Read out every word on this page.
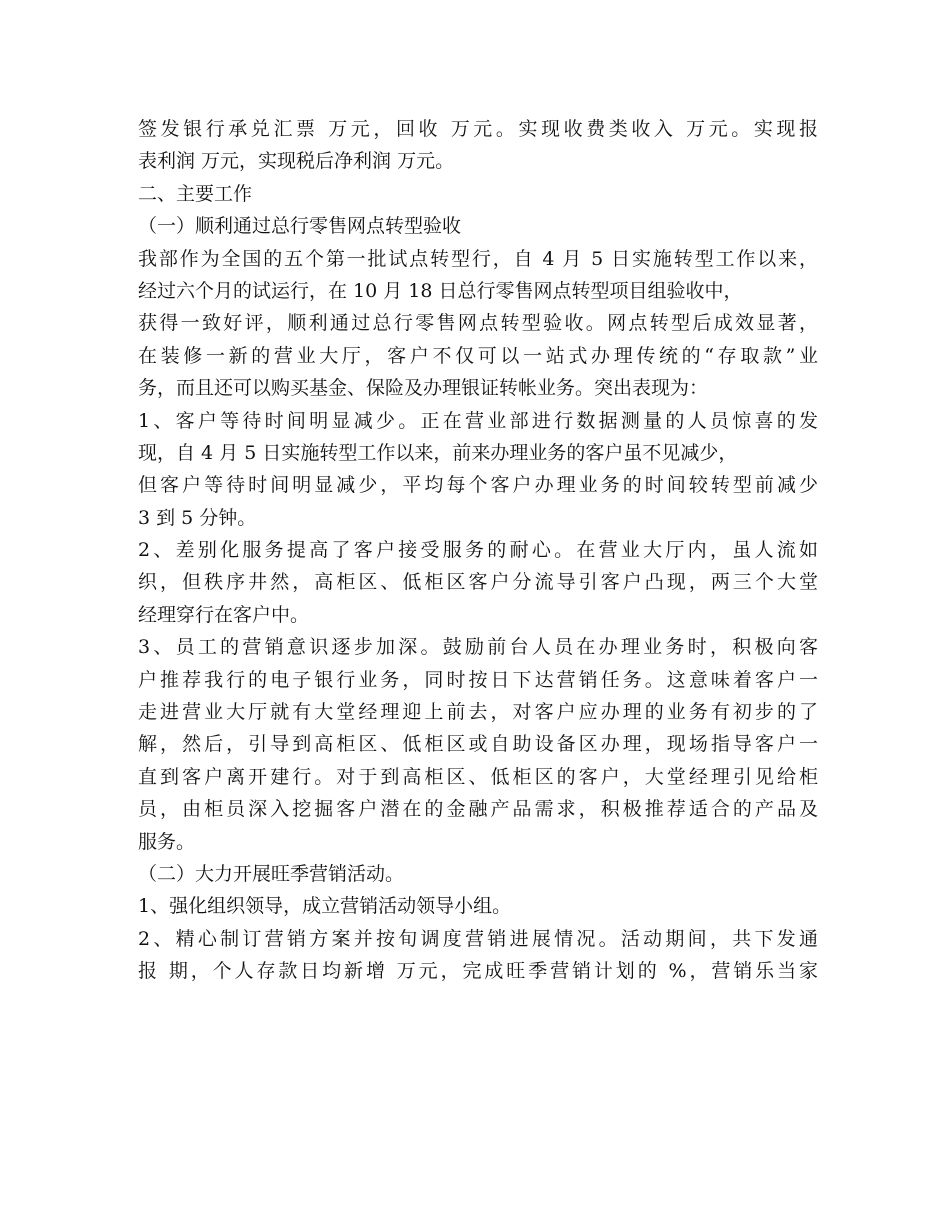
签发银行承兑汇票 万元，回收 万元。实现收费类收入 万元。实现报
表利润 万元，实现税后净利润 万元。
二、主要工作
（一）顺利通过总行零售网点转型验收
我部作为全国的五个第一批试点转型行，自 4 月 5 日实施转型工作以来，
经过六个月的试运行，在 10 月 18 日总行零售网点转型项目组验收中，
获得一致好评，顺利通过总行零售网点转型验收。网点转型后成效显著，
在装修一新的营业大厅，客户不仅可以一站式办理传统的“存取款”业
务，而且还可以购买基金、保险及办理银证转帐业务。突出表现为：
1、客户等待时间明显减少。正在营业部进行数据测量的人员惊喜的发
现，自 4 月 5 日实施转型工作以来，前来办理业务的客户虽不见减少，
但客户等待时间明显减少，平均每个客户办理业务的时间较转型前减少
3 到 5 分钟。
2、差别化服务提高了客户接受服务的耐心。在营业大厅内，虽人流如
织，但秩序井然，高柜区、低柜区客户分流导引客户凸现，两三个大堂
经理穿行在客户中。
3、员工的营销意识逐步加深。鼓励前台人员在办理业务时，积极向客
户推荐我行的电子银行业务，同时按日下达营销任务。这意味着客户一
走进营业大厅就有大堂经理迎上前去，对客户应办理的业务有初步的了
解，然后，引导到高柜区、低柜区或自助设备区办理，现场指导客户一
直到客户离开建行。对于到高柜区、低柜区的客户，大堂经理引见给柜
员，由柜员深入挖掘客户潜在的金融产品需求，积极推荐适合的产品及
服务。
（二）大力开展旺季营销活动。
1、强化组织领导，成立营销活动领导小组。
2、精心制订营销方案并按旬调度营销进展情况。活动期间，共下发通
报 期，个人存款日均新增 万元，完成旺季营销计划的 %，营销乐当家
